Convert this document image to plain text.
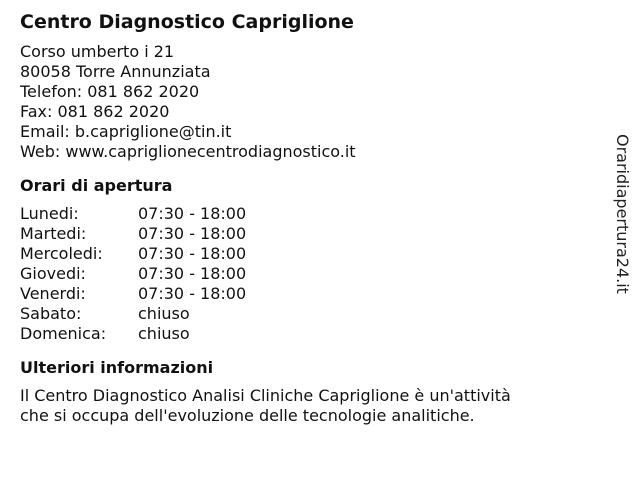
Centro Diagnostico Capriglione
Corso umberto i 21
80058 Torre Annunziata
Telefon: 081 862 2020
Fax: 081 862 2020
Email: b.capriglione@tin.it
Web: www.capriglionecentrodiagnostico.it
Orari di apertura
Lunedi:	07:30 - 18:00
Martedi:	07:30 - 18:00
Mercoledi:	07:30 - 18:00
Giovedi:	07:30 - 18:00
Venerdi:	07:30 - 18:00
Sabato:	chiuso
Domenica:	chiuso
Ulteriori informazioni
Il Centro Diagnostico Analisi Cliniche Capriglione è un'attività
che si occupa dell'evoluzione delle tecnologie analitiche.
Oraridiapertura24.it
